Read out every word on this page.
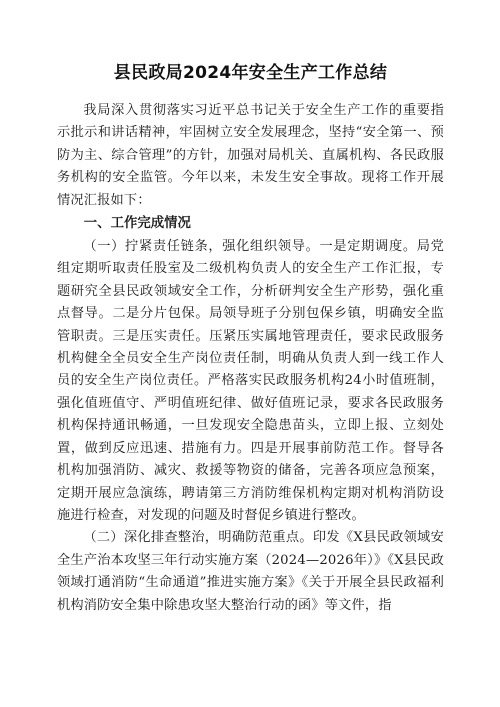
县民政局2024年安全生产工作总结

我局深入贯彻落实习近平总书记关于安全生产工作的重要指示批示和讲话精神，牢固树立安全发展理念，坚持“安全第一、预防为主、综合管理”的方针，加强对局机关、直属机构、各民政服务机构的安全监管。今年以来，未发生安全事故。现将工作开展情况汇报如下：

一、工作完成情况

（一）拧紧责任链条，强化组织领导。一是定期调度。局党组定期听取责任股室及二级机构负责人的安全生产工作汇报，专题研究全县民政领域安全工作，分析研判安全生产形势，强化重点督导。二是分片包保。局领导班子分别包保乡镇，明确安全监管职责。三是压实责任。压紧压实属地管理责任，要求民政服务机构健全全员安全生产岗位责任制，明确从负责人到一线工作人员的安全生产岗位责任。严格落实民政服务机构24小时值班制，强化值班值守、严明值班纪律、做好值班记录，要求各民政服务机构保持通讯畅通，一旦发现安全隐患苗头，立即上报、立刻处置，做到反应迅速、措施有力。四是开展事前防范工作。督导各机构加强消防、减灾、救援等物资的储备，完善各项应急预案，定期开展应急演练，聘请第三方消防维保机构定期对机构消防设施进行检查，对发现的问题及时督促乡镇进行整改。

（二）深化排查整治，明确防范重点。印发《X县民政领域安全生产治本攻坚三年行动实施方案（2024—2026年）》《X县民政领域打通消防“生命通道”推进实施方案》《关于开展全县民政福利机构消防安全集中除患攻坚大整治行动的函》等文件，指
